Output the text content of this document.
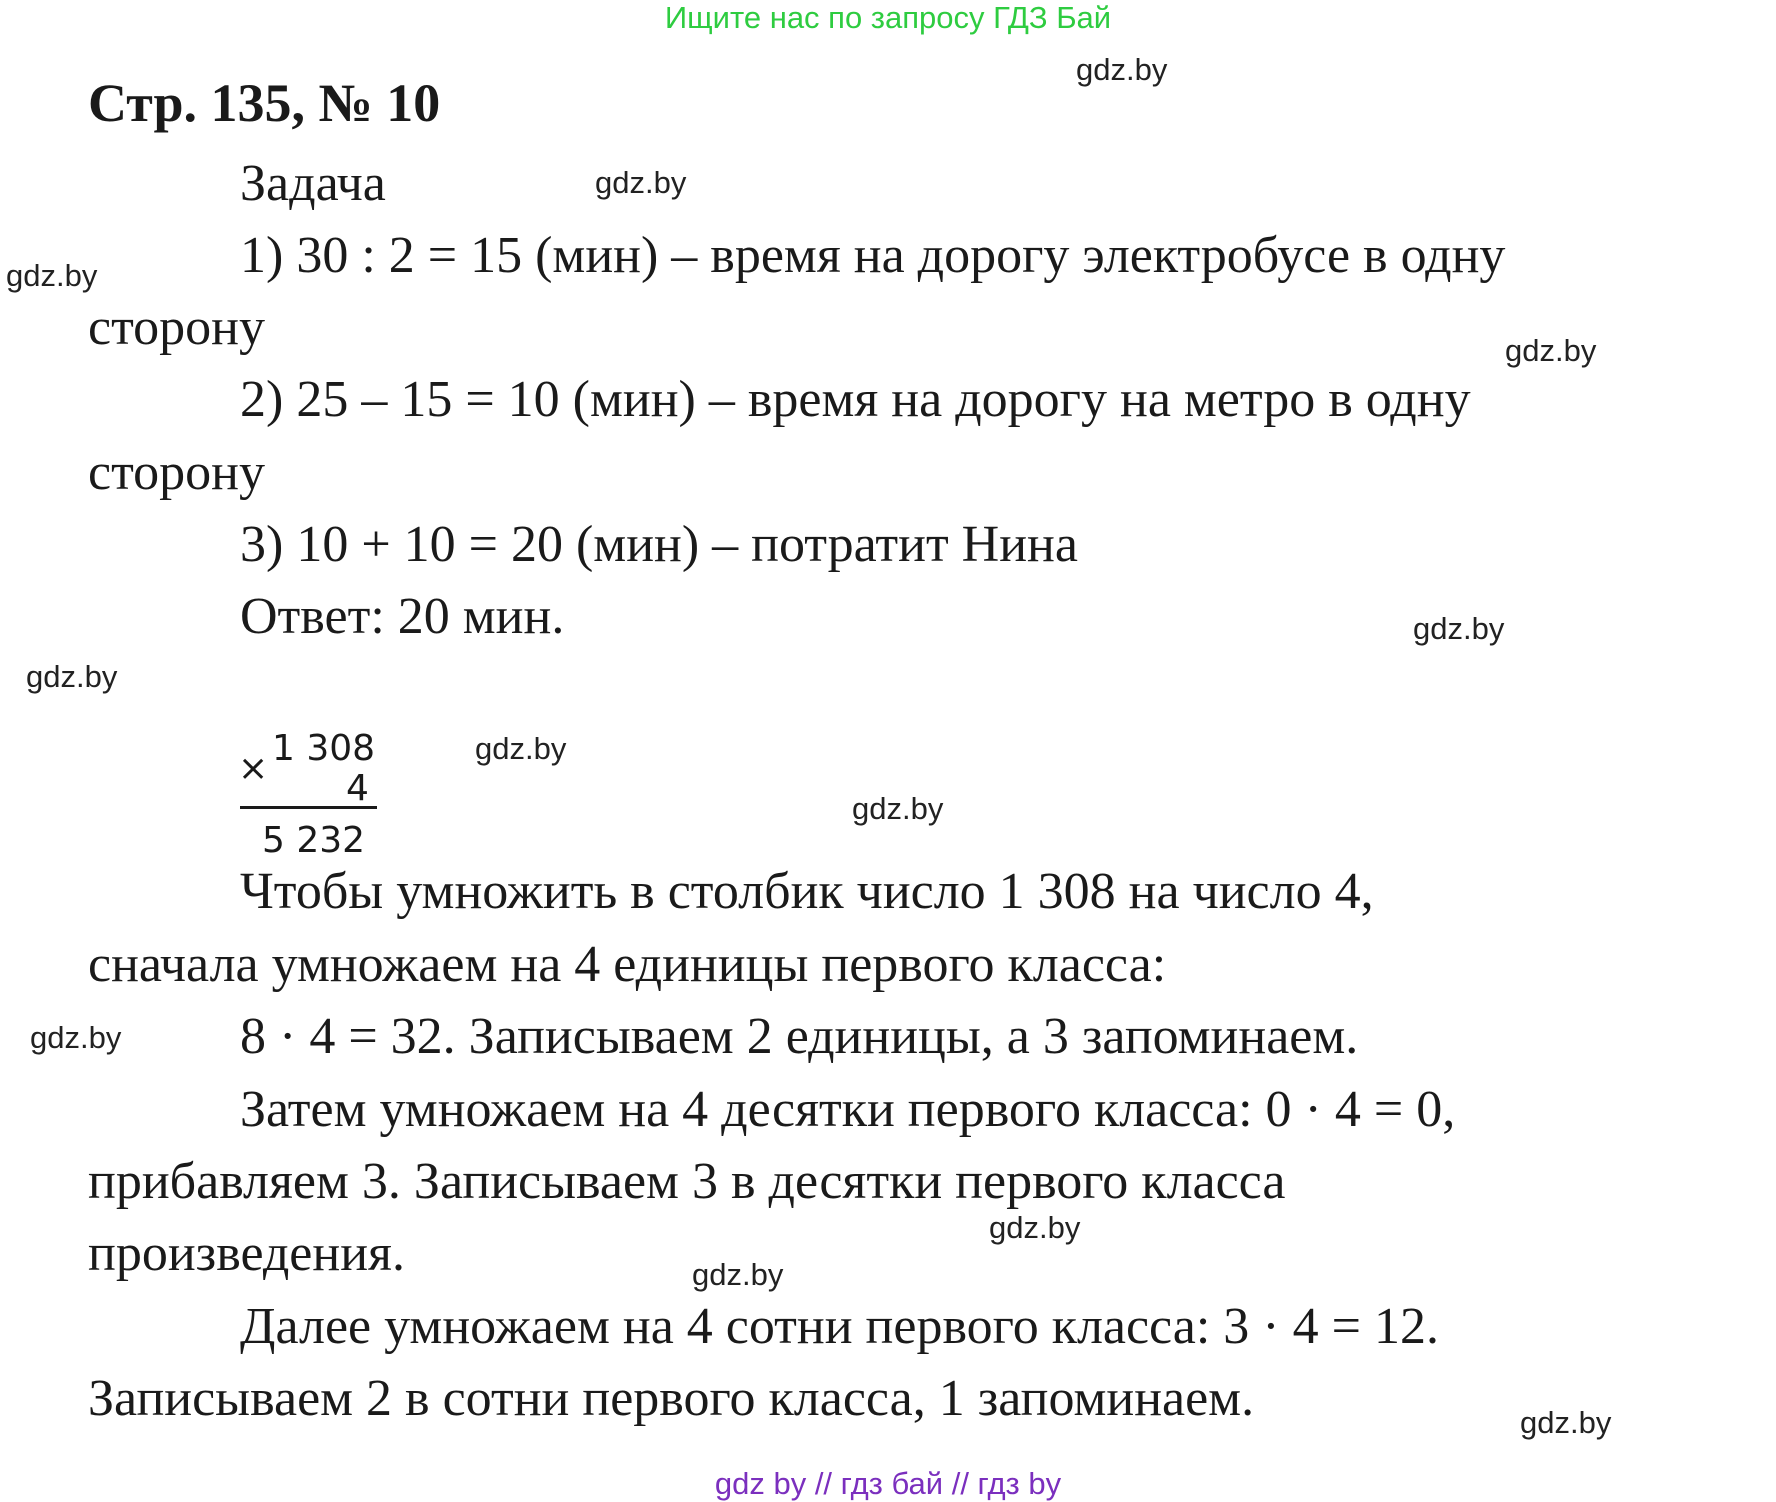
Ищите нас по запросу ГДЗ Бай
Стр. 135, № 10
Задача
1) 30 : 2 = 15 (мин) – время на дорогу электробусе в одну
сторону
2) 25 – 15 = 10 (мин) – время на дорогу на метро в одну
сторону
3) 10 + 10 = 20 (мин) – потратит Нина
Ответ: 20 мин.
× 1 308
4
5 232
Чтобы умножить в столбик число 1 308 на число 4,
сначала умножаем на 4 единицы первого класса:
8 · 4 = 32. Записываем 2 единицы, а 3 запоминаем.
Затем умножаем на 4 десятки первого класса: 0 · 4 = 0,
прибавляем 3. Записываем 3 в десятки первого класса
произведения.
Далее умножаем на 4 сотни первого класса: 3 · 4 = 12.
Записываем 2 в сотни первого класса, 1 запоминаем.
gdz.by
gdz.by
gdz.by
gdz.by
gdz.by
gdz.by
gdz.by
gdz.by
gdz.by
gdz.by
gdz.by
gdz.by
gdz by // гдз бай // гдз by
